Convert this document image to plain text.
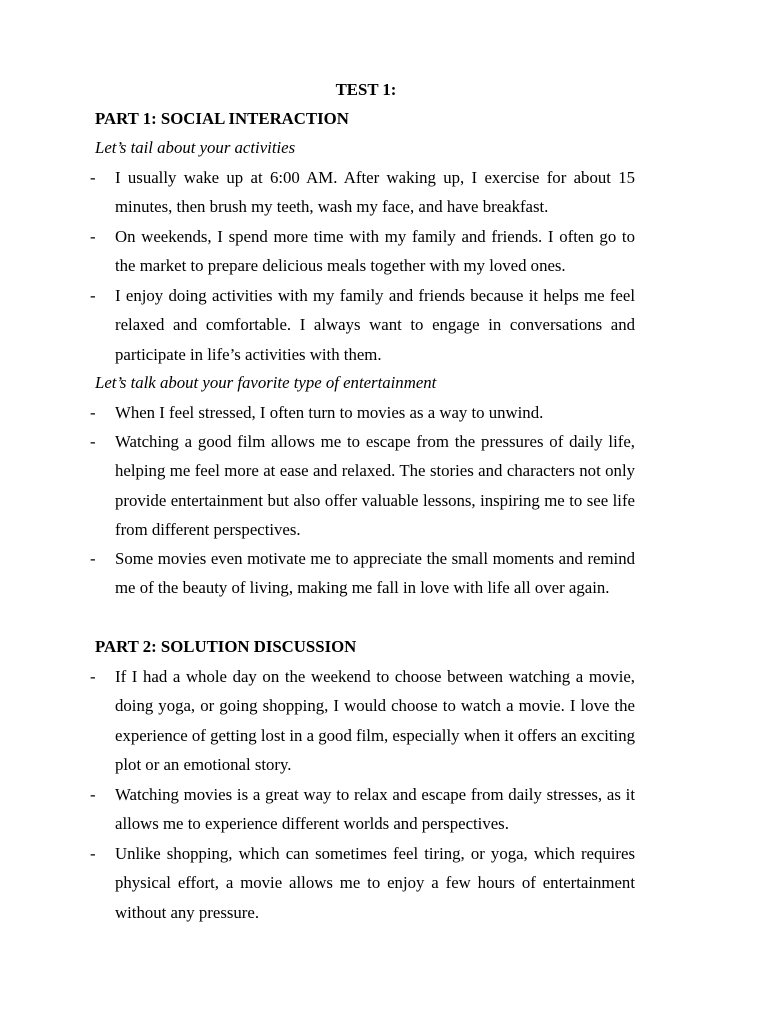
TEST 1:
PART 1: SOCIAL INTERACTION
Let’s tail about your activities
-	I usually wake up at 6:00 AM. After waking up, I exercise for about 15 minutes, then brush my teeth, wash my face, and have breakfast.
-	On weekends, I spend more time with my family and friends. I often go to the market to prepare delicious meals together with my loved ones.
-	I enjoy doing activities with my family and friends because it helps me feel relaxed and comfortable. I always want to engage in conversations and participate in life’s activities with them.
Let’s talk about your favorite type of entertainment
-	When I feel stressed, I often turn to movies as a way to unwind.
-	Watching a good film allows me to escape from the pressures of daily life, helping me feel more at ease and relaxed. The stories and characters not only provide entertainment but also offer valuable lessons, inspiring me to see life from different perspectives.
-	Some movies even motivate me to appreciate the small moments and remind me of the beauty of living, making me fall in love with life all over again.
PART 2: SOLUTION DISCUSSION
-	If I had a whole day on the weekend to choose between watching a movie, doing yoga, or going shopping, I would choose to watch a movie. I love the experience of getting lost in a good film, especially when it offers an exciting plot or an emotional story.
-	Watching movies is a great way to relax and escape from daily stresses, as it allows me to experience different worlds and perspectives.
-	Unlike shopping, which can sometimes feel tiring, or yoga, which requires physical effort, a movie allows me to enjoy a few hours of entertainment without any pressure.
